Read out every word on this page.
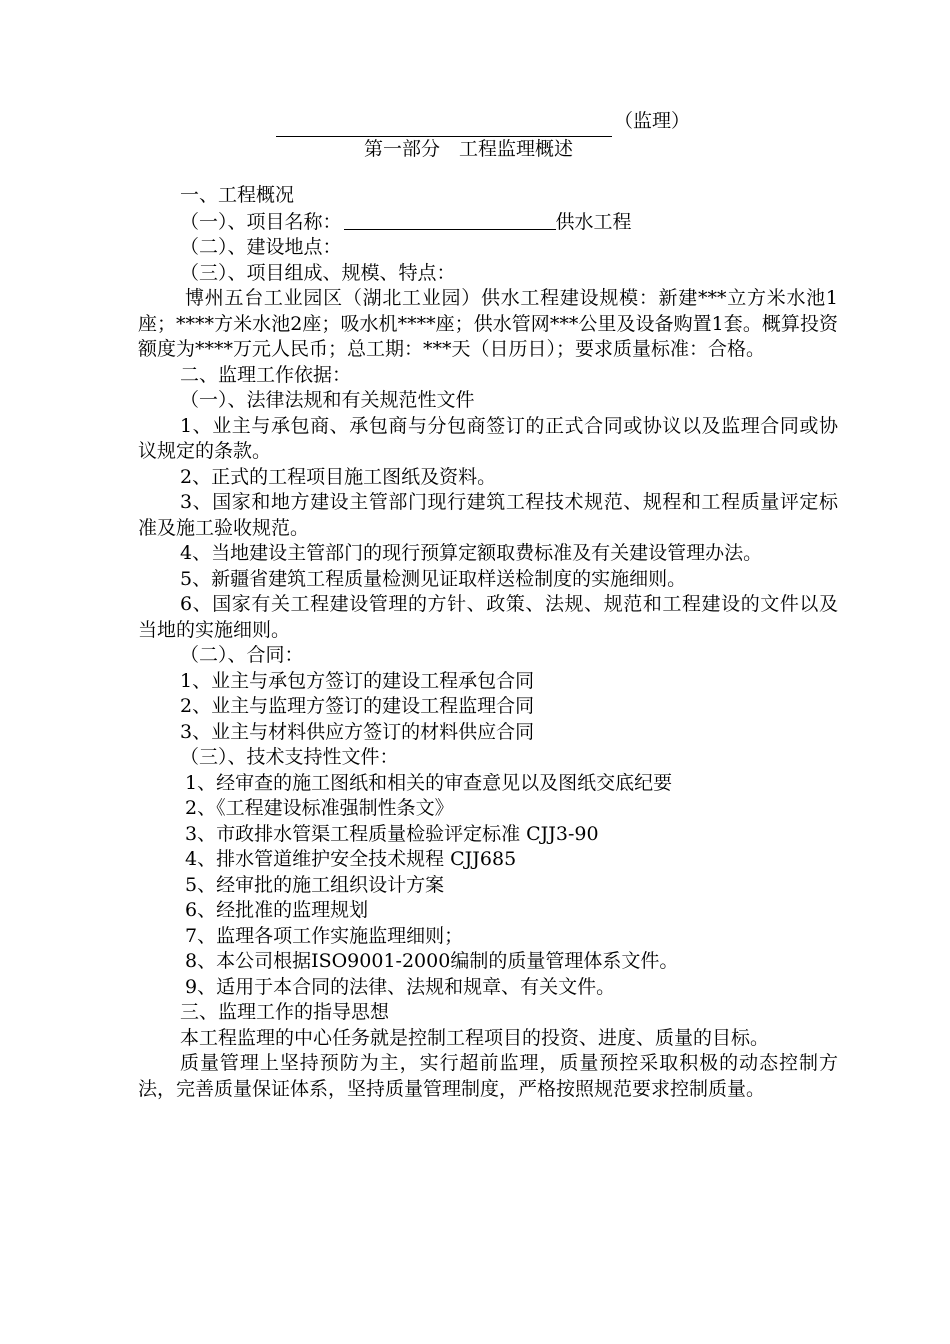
（监理）
第一部分　工程监理概述

一、工程概况

（一）、项目名称：	供水工程

（二）、建设地点：

（三）、项目组成、规模、特点：

博州五台工业园区（湖北工业园）供水工程建设规模：新建***立方米水池1座；****方米水池2座；吸水机****座；供水管网***公里及设备购置1套。概算投资额度为****万元人民币；总工期：***天（日历日）；要求质量标准：合格。

二、监理工作依据：

（一）、法律法规和有关规范性文件

1、业主与承包商、承包商与分包商签订的正式合同或协议以及监理合同或协议规定的条款。

2、正式的工程项目施工图纸及资料。

3、国家和地方建设主管部门现行建筑工程技术规范、规程和工程质量评定标准及施工验收规范。

4、当地建设主管部门的现行预算定额取费标准及有关建设管理办法。

5、新疆省建筑工程质量检测见证取样送检制度的实施细则。

6、国家有关工程建设管理的方针、政策、法规、规范和工程建设的文件以及当地的实施细则。

（二）、合同：

1、业主与承包方签订的建设工程承包合同

2、业主与监理方签订的建设工程监理合同

3、业主与材料供应方签订的材料供应合同

（三）、技术支持性文件：

1、经审查的施工图纸和相关的审查意见以及图纸交底纪要

2、《工程建设标准强制性条文》

3、市政排水管渠工程质量检验评定标准 CJJ3-90

4、排水管道维护安全技术规程 CJJ685

5、经审批的施工组织设计方案

6、经批准的监理规划

7、监理各项工作实施监理细则；

8、本公司根据ISO9001-2000编制的质量管理体系文件。

9、适用于本合同的法律、法规和规章、有关文件。

三、监理工作的指导思想

本工程监理的中心任务就是控制工程项目的投资、进度、质量的目标。

质量管理上坚持预防为主，实行超前监理，质量预控采取积极的动态控制方法，完善质量保证体系，坚持质量管理制度，严格按照规范要求控制质量。
